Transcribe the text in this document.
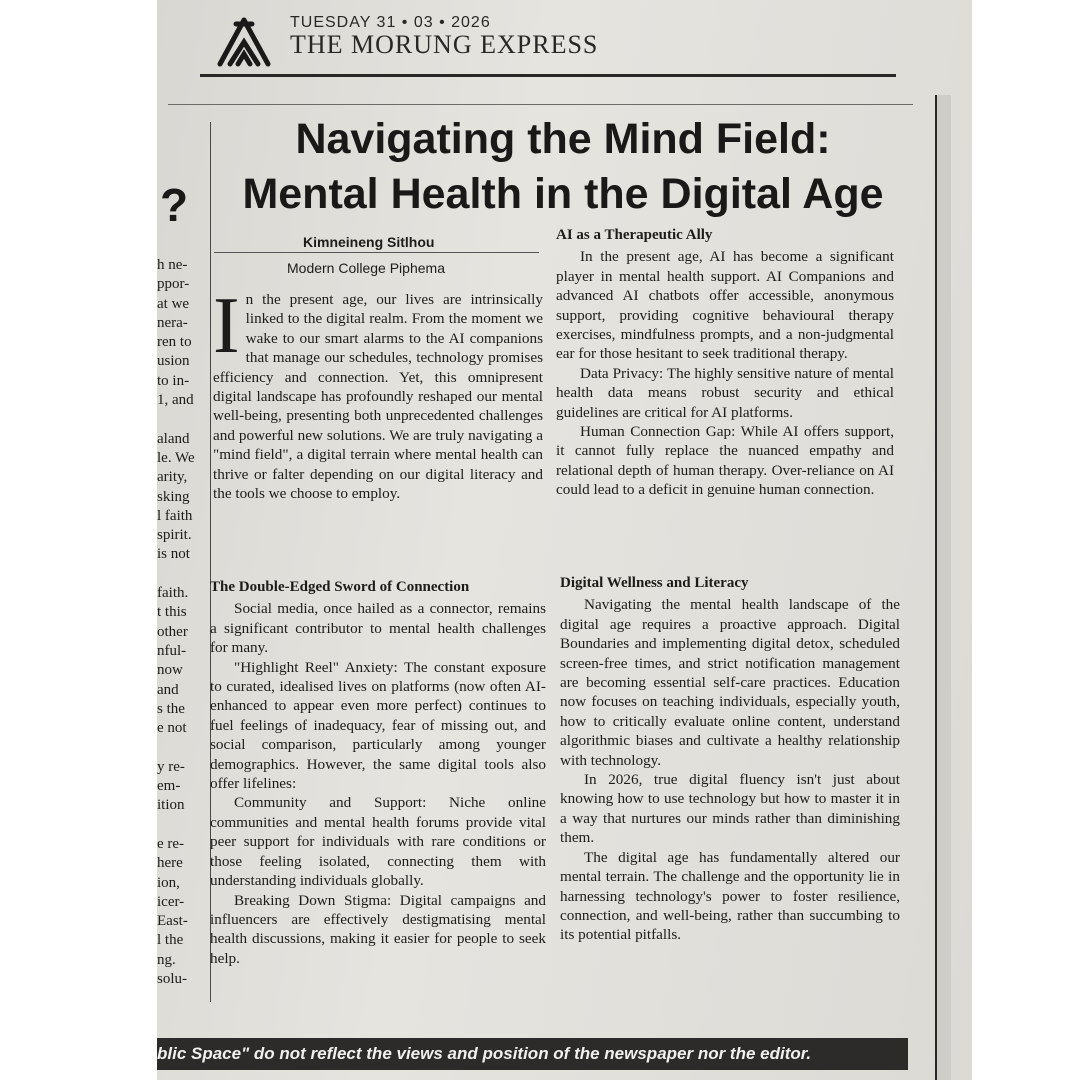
TUESDAY 31 • 03 • 2026
THE MORUNG EXPRESS
?
h ne-
ppor-
at we
nera-
ren to
usion
to in-
1, and
aland
le. We
arity,
sking
l faith
spirit.
is not
faith.
t this
other
nful-
now
and
s the
e not
y re-
em-
ition
e re-
here
ion,
icer-
East-
l the
ng.
solu-
Navigating the Mind Field:
Mental Health in the Digital Age
Kimneineng Sitlhou
Modern College Piphema

In the present age, our lives are intrinsically linked to the digital realm. From the moment we wake to our smart alarms to the AI companions that manage our schedules, technology promises efficiency and connection. Yet, this omnipresent digital landscape has profoundly reshaped our mental well-being, presenting both unprecedented challenges and powerful new solutions. We are truly navigating a "mind field", a digital terrain where mental health can thrive or falter depending on our digital literacy and the tools we choose to employ.

The Double-Edged Sword of Connection

Social media, once hailed as a connector, remains a significant contributor to mental health challenges for many.

"Highlight Reel" Anxiety: The constant exposure to curated, idealised lives on platforms (now often AI-enhanced to appear even more perfect) continues to fuel feelings of inadequacy, fear of missing out, and social comparison, particularly among younger demographics. However, the same digital tools also offer lifelines:

Community and Support: Niche online communities and mental health forums provide vital peer support for individuals with rare conditions or those feeling isolated, connecting them with understanding individuals globally.

Breaking Down Stigma: Digital campaigns and influencers are effectively destigmatising mental health discussions, making it easier for people to seek help.

AI as a Therapeutic Ally

In the present age, AI has become a significant player in mental health support. AI Companions and advanced AI chatbots offer accessible, anonymous support, providing cognitive behavioural therapy exercises, mindfulness prompts, and a non-judgmental ear for those hesitant to seek traditional therapy.

Data Privacy: The highly sensitive nature of mental health data means robust security and ethical guidelines are critical for AI platforms.

Human Connection Gap: While AI offers support, it cannot fully replace the nuanced empathy and relational depth of human therapy. Over-reliance on AI could lead to a deficit in genuine human connection.

Digital Wellness and Literacy

Navigating the mental health landscape of the digital age requires a proactive approach. Digital Boundaries and implementing digital detox, scheduled screen-free times, and strict notification management are becoming essential self-care practices. Education now focuses on teaching individuals, especially youth, how to critically evaluate online content, understand algorithmic biases and cultivate a healthy relationship with technology.

In 2026, true digital fluency isn't just about knowing how to use technology but how to master it in a way that nurtures our minds rather than diminishing them.

The digital age has fundamentally altered our mental terrain. The challenge and the opportunity lie in harnessing technology's power to foster resilience, connection, and well-being, rather than succumbing to its potential pitfalls.

blic Space" do not reflect the views and position of the newspaper nor the editor.
